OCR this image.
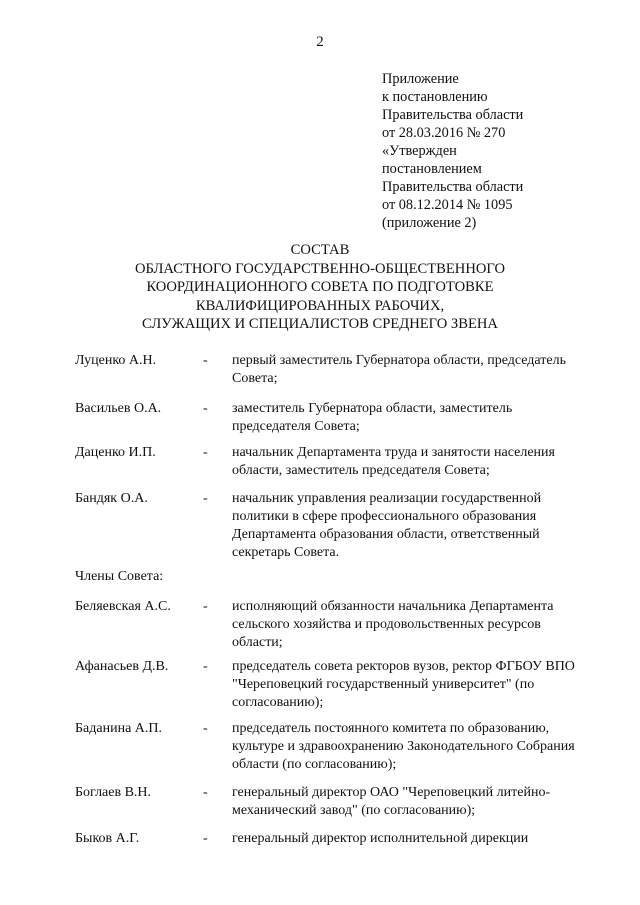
2
Приложение
к постановлению
Правительства области
от 28.03.2016 № 270
«Утвержден
постановлением
Правительства области
от 08.12.2014 № 1095
(приложение 2)
СОСТАВ
ОБЛАСТНОГО ГОСУДАРСТВЕННО-ОБЩЕСТВЕННОГО
КООРДИНАЦИОННОГО СОВЕТА ПО ПОДГОТОВКЕ
КВАЛИФИЦИРОВАННЫХ РАБОЧИХ,
СЛУЖАЩИХ И СПЕЦИАЛИСТОВ СРЕДНЕГО ЗВЕНА
Луценко А.Н.	- первый заместитель Губернатора области, председатель
Совета;
Васильев О.А.	- заместитель Губернатора области, заместитель
председателя Совета;
Даценко И.П.	- начальник Департамента труда и занятости населения
области, заместитель председателя Совета;
Бандяк О.А.	- начальник управления реализации государственной
политики в сфере профессионального образования
Департамента образования области, ответственный
секретарь Совета.
Члены Совета:
Беляевская А.С. - исполняющий обязанности начальника Департамента
сельского хозяйства и продовольственных ресурсов
области;
Афанасьев Д.В. - председатель совета ректоров вузов, ректор ФГБОУ ВПО
"Череповецкий государственный университет" (по
согласованию);
Баданина А.П.	- председатель постоянного комитета по образованию,
культуре и здравоохранению Законодательного Собрания
области (по согласованию);
Боглаев В.Н.	- генеральный директор ОАО "Череповецкий литейно-
механический завод" (по согласованию);
Быков А.Г.	- генеральный директор исполнительной дирекции
